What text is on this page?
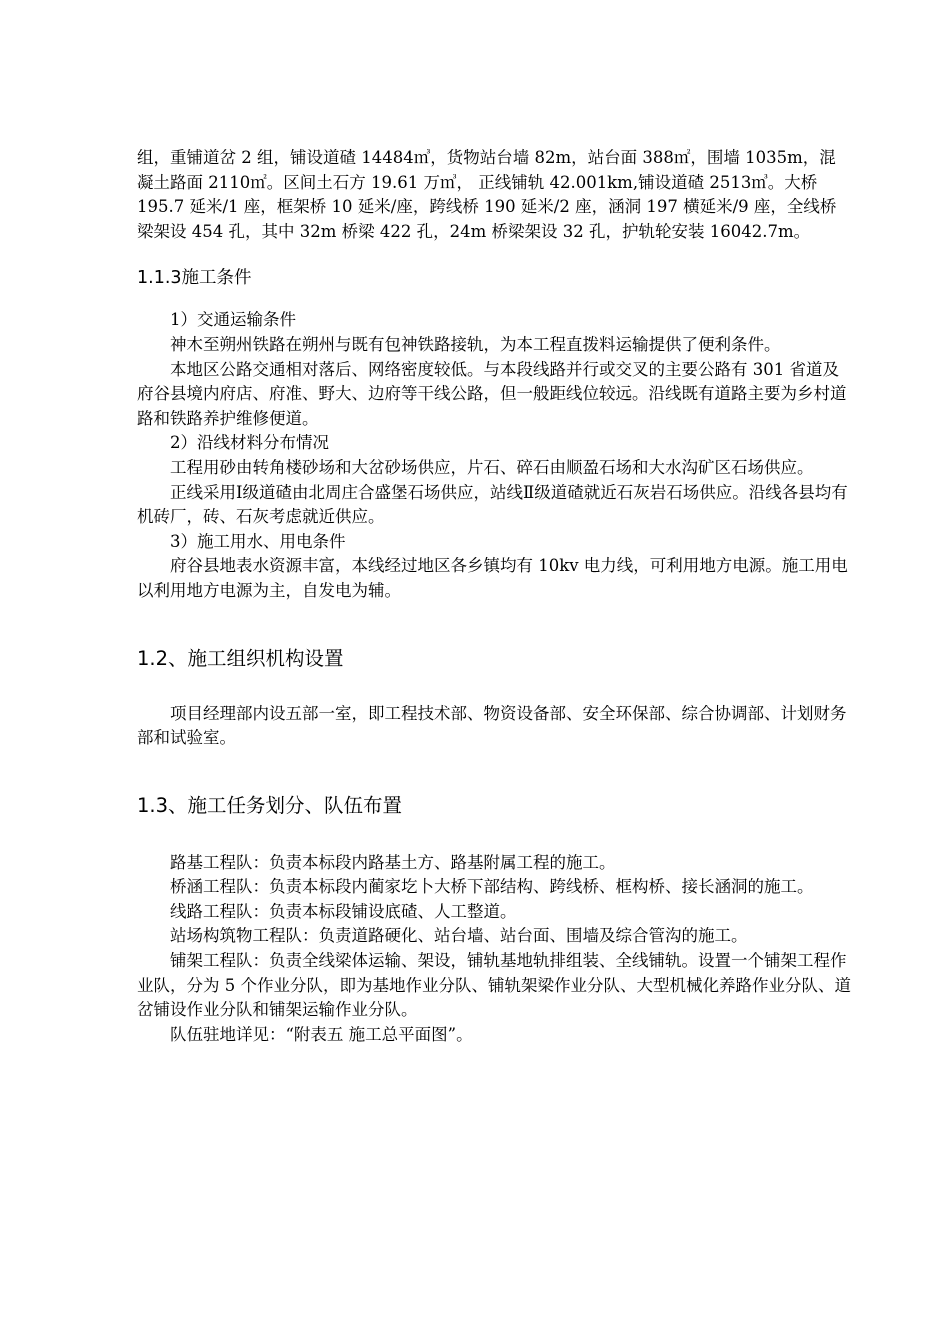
组，重铺道岔 2 组，铺设道碴 14484㎥，货物站台墙 82m，站台面 388㎡，围墙 1035m，混凝土路面 2110㎡。区间土石方 19.61 万㎥， 正线铺轨 42.001km,铺设道碴 2513㎥。大桥 195.7 延米/1 座，框架桥 10 延米/座，跨线桥 190 延米/2 座，涵洞 197 横延米/9 座，全线桥梁架设 454 孔，其中 32m 桥梁 422 孔，24m 桥梁架设 32 孔，护轨轮安装 16042.7m。

1.1.3施工条件

1）交通运输条件

神木至朔州铁路在朔州与既有包神铁路接轨，为本工程直拨料运输提供了便利条件。

本地区公路交通相对落后、网络密度较低。与本段线路并行或交叉的主要公路有 301 省道及府谷县境内府店、府准、野大、边府等干线公路，但一般距线位较远。沿线既有道路主要为乡村道路和铁路养护维修便道。

2）沿线材料分布情况

工程用砂由转角楼砂场和大岔砂场供应，片石、碎石由顺盈石场和大水沟矿区石场供应。

正线采用Ⅰ级道碴由北周庄合盛堡石场供应，站线Ⅱ级道碴就近石灰岩石场供应。沿线各县均有机砖厂，砖、石灰考虑就近供应。

3）施工用水、用电条件

府谷县地表水资源丰富，本线经过地区各乡镇均有 10kv 电力线，可利用地方电源。施工用电以利用地方电源为主，自发电为辅。

1.2、施工组织机构设置

项目经理部内设五部一室，即工程技术部、物资设备部、安全环保部、综合协调部、计划财务部和试验室。

1.3、施工任务划分、队伍布置

路基工程队：负责本标段内路基土方、路基附属工程的施工。

桥涵工程队：负责本标段内蔺家圪卜大桥下部结构、跨线桥、框构桥、接长涵洞的施工。

线路工程队：负责本标段铺设底碴、人工整道。

站场构筑物工程队：负责道路硬化、站台墙、站台面、围墙及综合管沟的施工。

铺架工程队：负责全线梁体运输、架设，铺轨基地轨排组装、全线铺轨。设置一个铺架工程作业队，分为 5 个作业分队，即为基地作业分队、铺轨架梁作业分队、大型机械化养路作业分队、道岔铺设作业分队和铺架运输作业分队。

队伍驻地详见：“附表五 施工总平面图”。
